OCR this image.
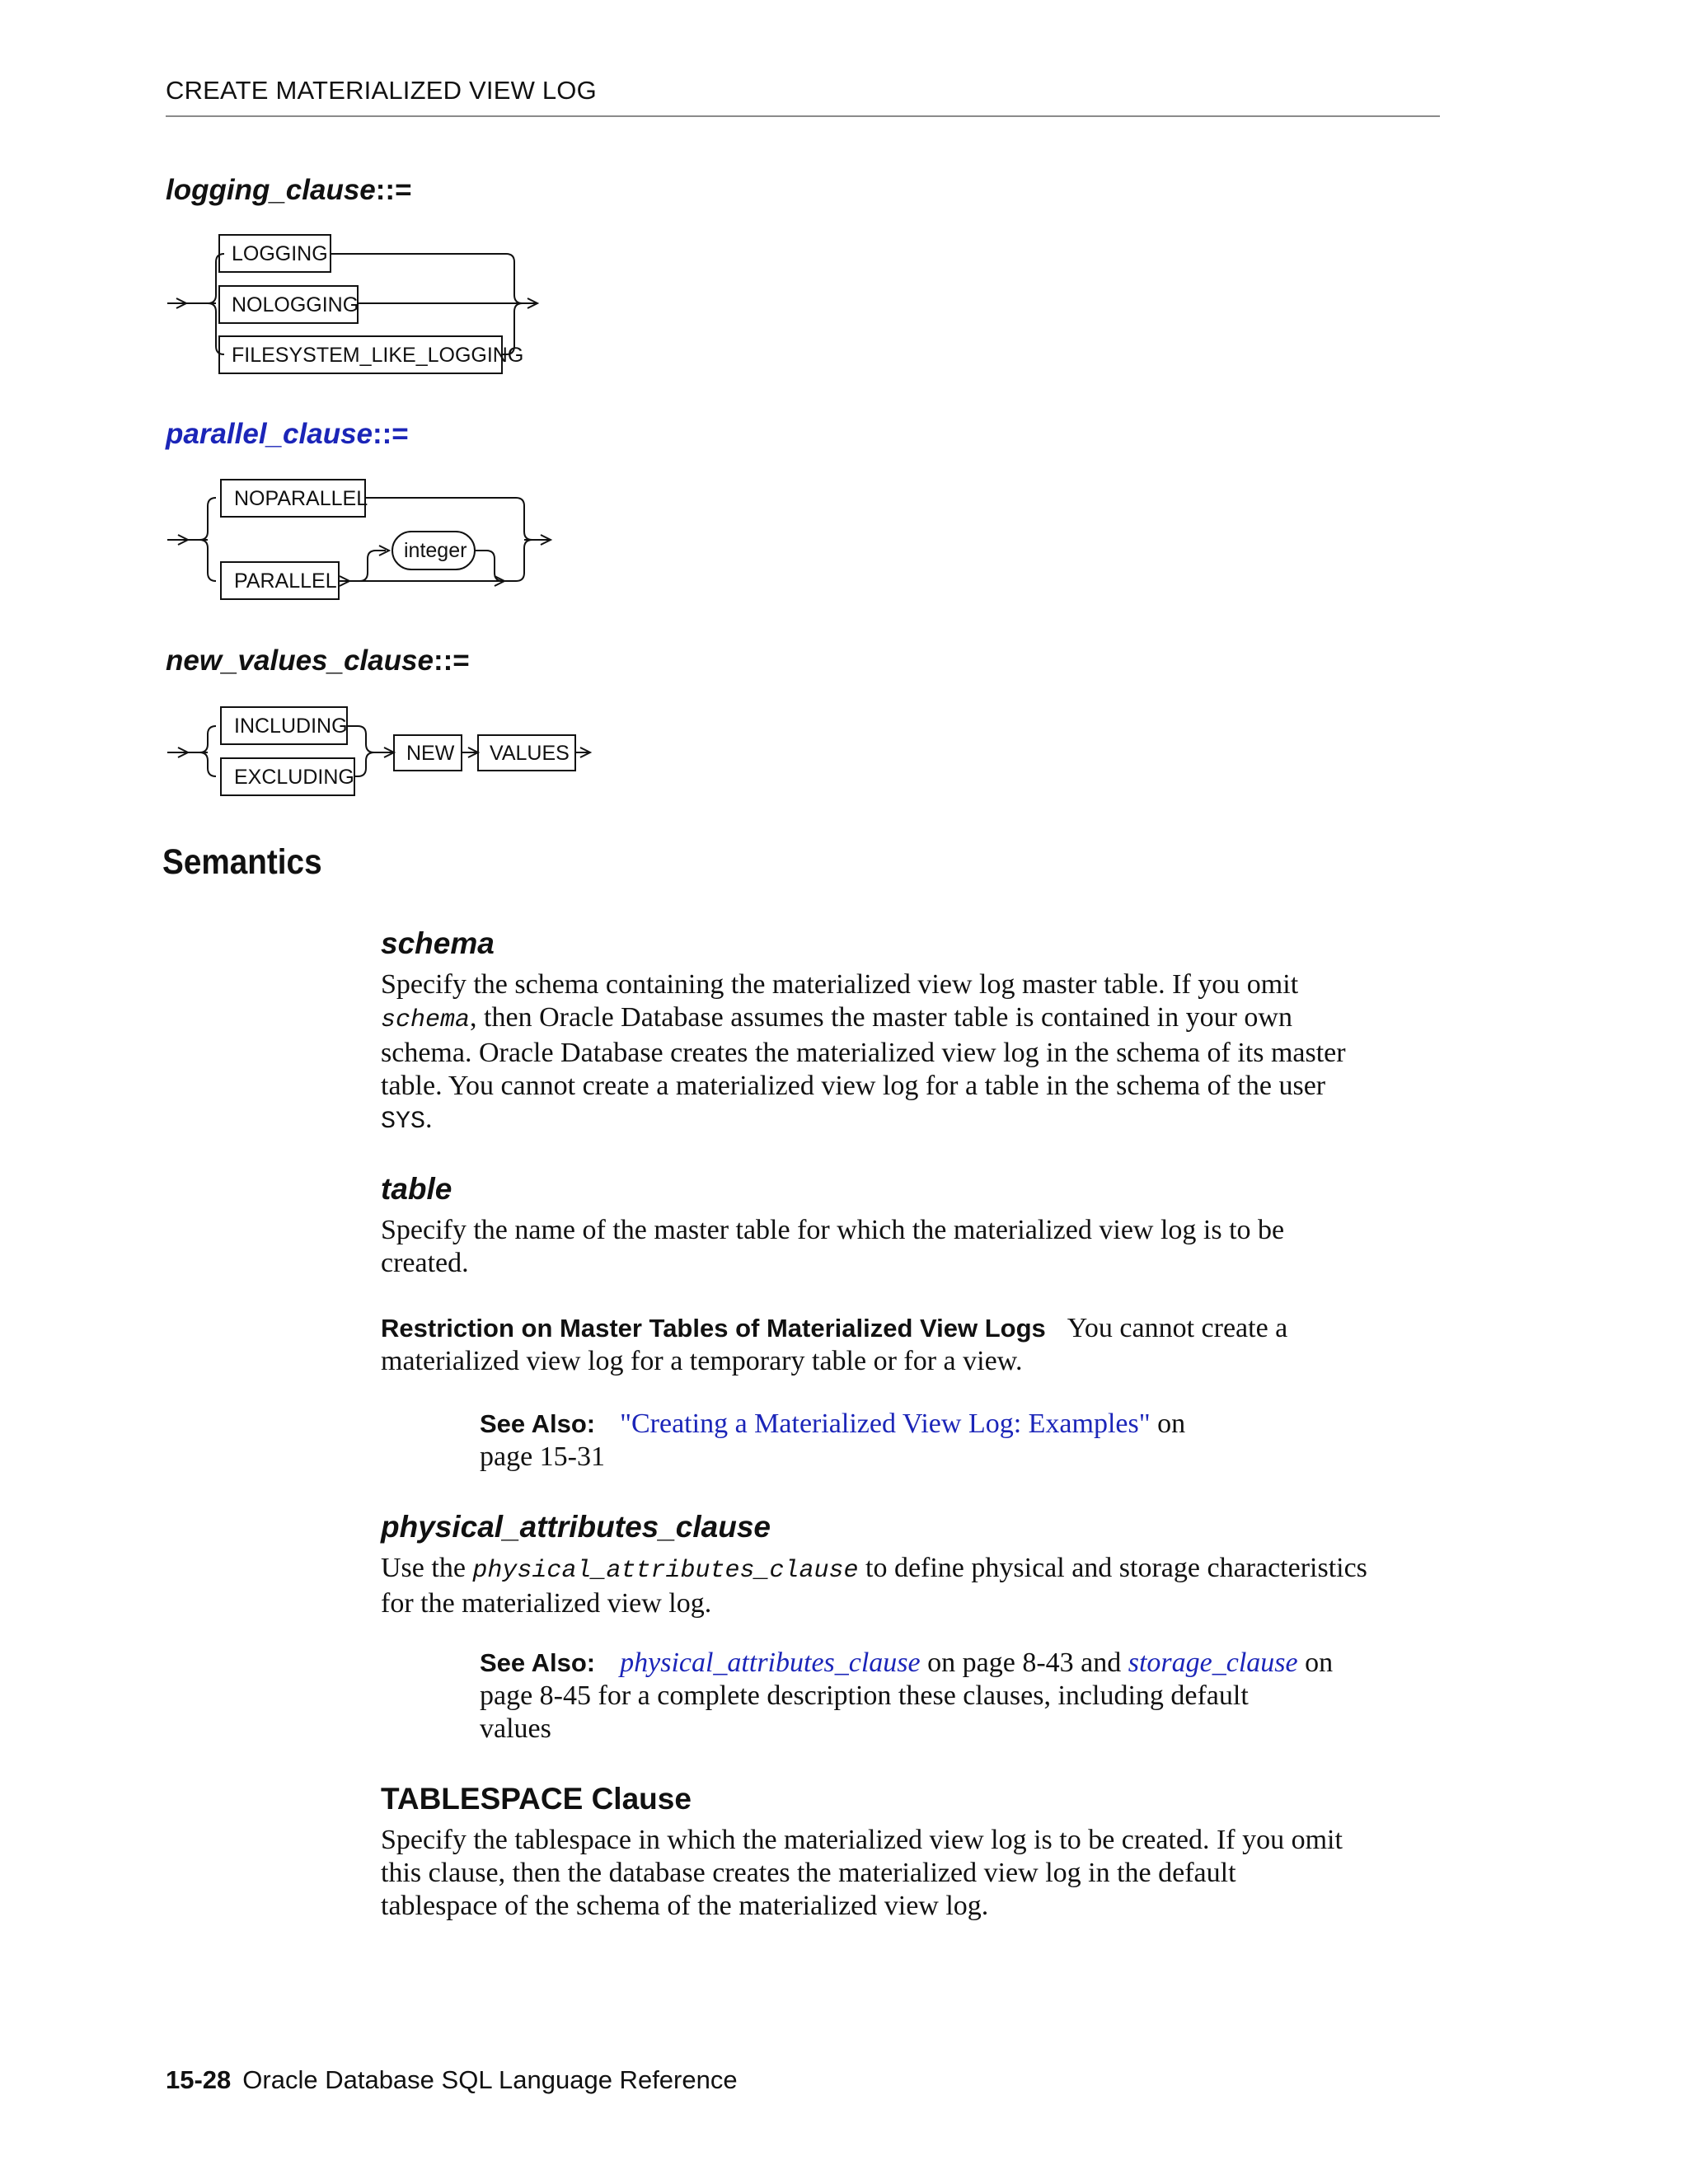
CREATE MATERIALIZED VIEW LOG
logging_clause::=
LOGGING
NOLOGGING
FILESYSTEM_LIKE_LOGGING
NOPARALLEL
PARALLEL
integer
INCLUDING
EXCLUDING
NEW VALUES
parallel_clause::=
new_values_clause::=
Semantics
schema
Specify the schema containing the materialized view log master table. If you omit
schema, then Oracle Database assumes the master table is contained in your own
schema. Oracle Database creates the materialized view log in the schema of its master
table. You cannot create a materialized view log for a table in the schema of the user
SYS.
table
Specify the name of the master table for which the materialized view log is to be
created.
Restriction on Master Tables of Materialized View Logs You cannot create a
materialized view log for a temporary table or for a view.
See Also: "Creating a Materialized View Log: Examples" on
page 15-31
physical_attributes_clause
Use the physical_attributes_clause to define physical and storage characteristics
for the materialized view log.
See Also: physical_attributes_clause on page 8-43 and storage_clause on
page 8-45 for a complete description these clauses, including default
values
TABLESPACE Clause
Specify the tablespace in which the materialized view log is to be created. If you omit
this clause, then the database creates the materialized view log in the default
tablespace of the schema of the materialized view log.
15-28 Oracle Database SQL Language Reference
